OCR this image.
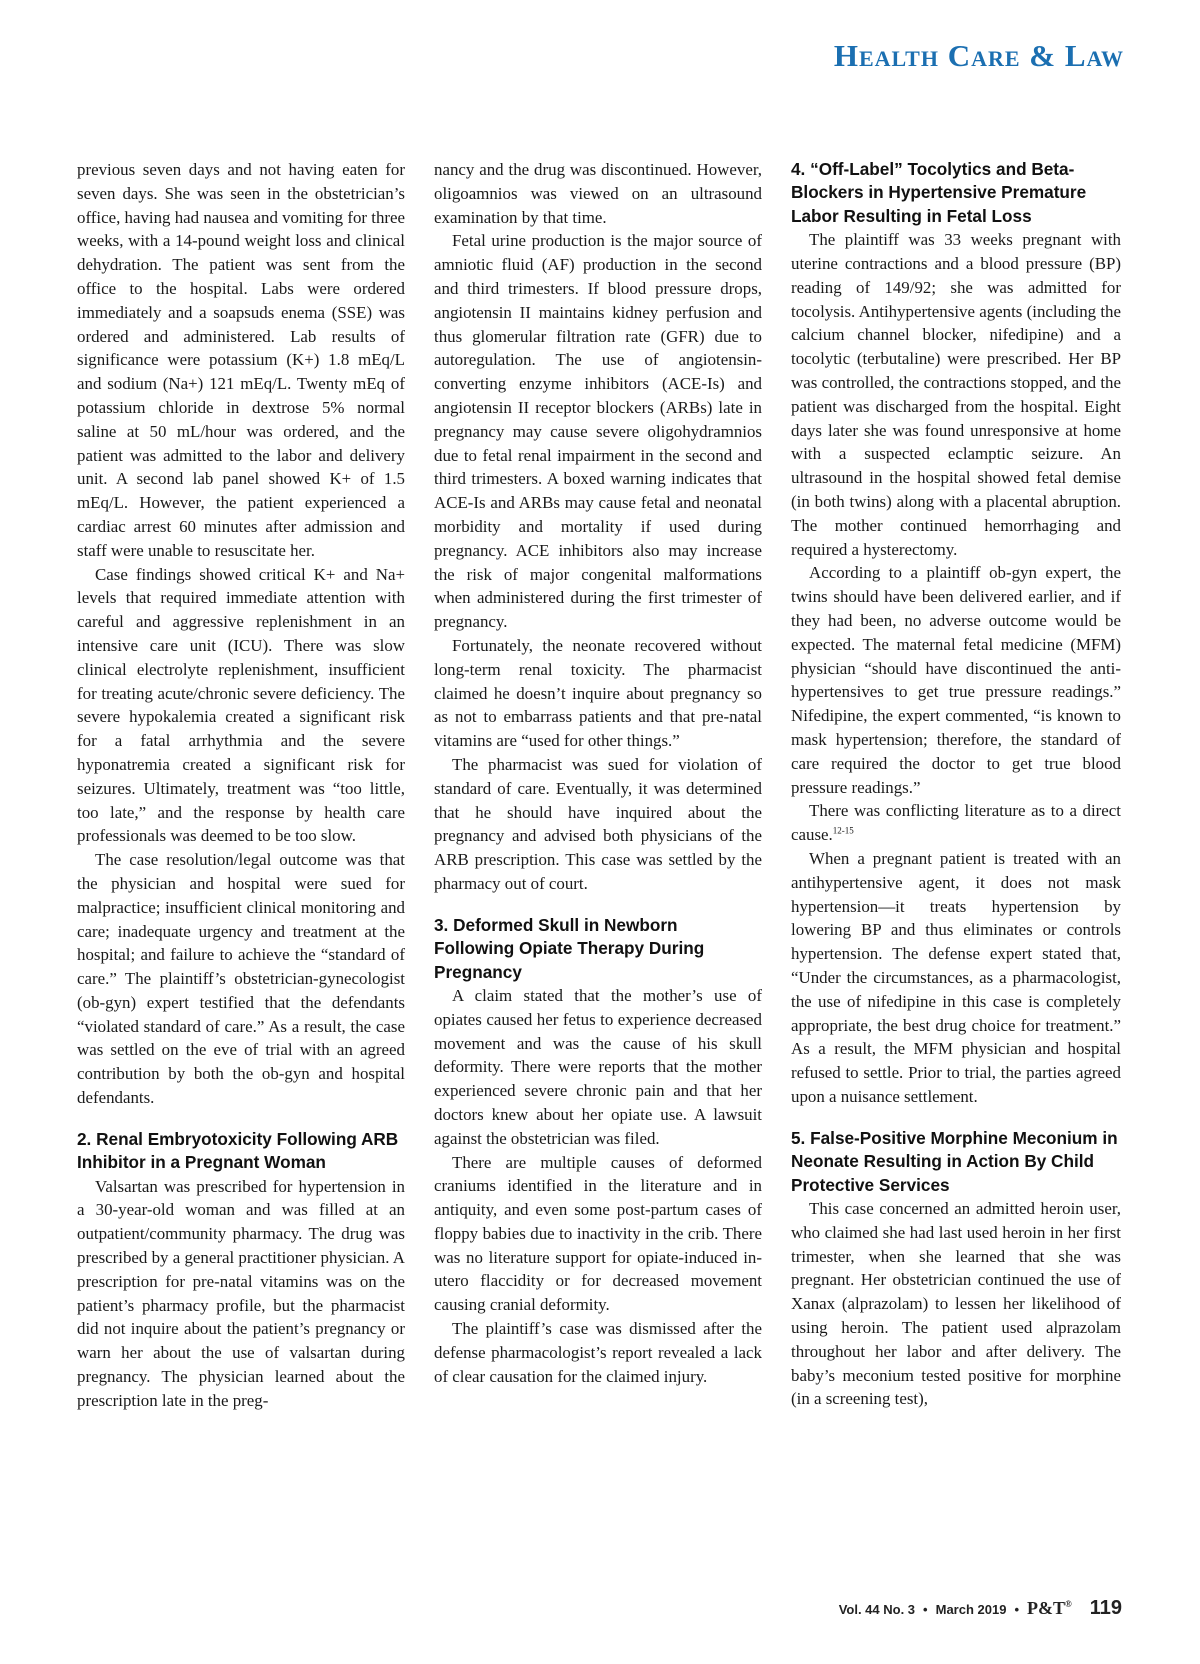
Health Care & Law

previous seven days and not having eaten for seven days. She was seen in the obstetrician’s office, having had nausea and vomiting for three weeks, with a 14-pound weight loss and clinical dehydration. The patient was sent from the office to the hospital. Labs were ordered immediately and a soapsuds enema (SSE) was ordered and administered. Lab results of significance were potassium (K+) 1.8 mEq/L and sodium (Na+) 121 mEq/L. Twenty mEq of potassium chloride in dextrose 5% normal saline at 50 mL/hour was ordered, and the patient was admitted to the labor and delivery unit. A second lab panel showed K+ of 1.5 mEq/L. However, the patient experienced a cardiac arrest 60 minutes after admission and staff were unable to resuscitate her.

Case findings showed critical K+ and Na+ levels that required immediate attention with careful and aggressive replenishment in an intensive care unit (ICU). There was slow clinical electrolyte replenishment, insufficient for treating acute/chronic severe deficiency. The severe hypokalemia created a significant risk for a fatal arrhythmia and the severe hyponatremia created a significant risk for seizures. Ultimately, treatment was “too little, too late,” and the response by health care professionals was deemed to be too slow.

The case resolution/legal outcome was that the physician and hospital were sued for malpractice; insufficient clinical monitoring and care; inadequate urgency and treatment at the hospital; and failure to achieve the “standard of care.” The plaintiff’s obstetrician-gynecologist (ob-gyn) expert testified that the defendants “violated standard of care.” As a result, the case was settled on the eve of trial with an agreed contribution by both the ob-gyn and hospital defendants.

2. Renal Embryotoxicity Following ARB Inhibitor in a Pregnant Woman

Valsartan was prescribed for hypertension in a 30-year-old woman and was filled at an outpatient/community pharmacy. The drug was prescribed by a general practitioner physician. A prescription for pre-natal vitamins was on the patient’s pharmacy profile, but the pharmacist did not inquire about the patient’s pregnancy or warn her about the use of valsartan during pregnancy. The physician learned about the prescription late in the preg-

nancy and the drug was discontinued. However, oligoamnios was viewed on an ultrasound examination by that time.

Fetal urine production is the major source of amniotic fluid (AF) production in the second and third trimesters. If blood pressure drops, angiotensin II maintains kidney perfusion and thus glomerular filtration rate (GFR) due to autoregulation. The use of angiotensin-converting enzyme inhibitors (ACE-Is) and angiotensin II receptor blockers (ARBs) late in pregnancy may cause severe oligohydramnios due to fetal renal impairment in the second and third trimesters. A boxed warning indicates that ACE-Is and ARBs may cause fetal and neonatal morbidity and mortality if used during pregnancy. ACE inhibitors also may increase the risk of major congenital malformations when administered during the first trimester of pregnancy.

Fortunately, the neonate recovered without long-term renal toxicity. The pharmacist claimed he doesn’t inquire about pregnancy so as not to embarrass patients and that pre-natal vitamins are “used for other things.”

The pharmacist was sued for violation of standard of care. Eventually, it was determined that he should have inquired about the pregnancy and advised both physicians of the ARB prescription. This case was settled by the pharmacy out of court.

3. Deformed Skull in Newborn Following Opiate Therapy During Pregnancy

A claim stated that the mother’s use of opiates caused her fetus to experience decreased movement and was the cause of his skull deformity. There were reports that the mother experienced severe chronic pain and that her doctors knew about her opiate use. A lawsuit against the obstetrician was filed.

There are multiple causes of deformed craniums identified in the literature and in antiquity, and even some post-partum cases of floppy babies due to inactivity in the crib. There was no literature support for opiate-induced in-utero flaccidity or for decreased movement causing cranial deformity.

The plaintiff’s case was dismissed after the defense pharmacologist’s report revealed a lack of clear causation for the claimed injury.

4. “Off-Label” Tocolytics and Beta-Blockers in Hypertensive Premature Labor Resulting in Fetal Loss

The plaintiff was 33 weeks pregnant with uterine contractions and a blood pressure (BP) reading of 149/92; she was admitted for tocolysis. Antihypertensive agents (including the calcium channel blocker, nifedipine) and a tocolytic (terbutaline) were prescribed. Her BP was controlled, the contractions stopped, and the patient was discharged from the hospital. Eight days later she was found unresponsive at home with a suspected eclamptic seizure. An ultrasound in the hospital showed fetal demise (in both twins) along with a placental abruption. The mother continued hemorrhaging and required a hysterectomy.

According to a plaintiff ob-gyn expert, the twins should have been delivered earlier, and if they had been, no adverse outcome would be expected. The maternal fetal medicine (MFM) physician “should have discontinued the anti-hypertensives to get true pressure readings.” Nifedipine, the expert commented, “is known to mask hypertension; therefore, the standard of care required the doctor to get true blood pressure readings.”

There was conflicting literature as to a direct cause.$^{12-15}$

When a pregnant patient is treated with an antihypertensive agent, it does not mask hypertension—it treats hypertension by lowering BP and thus eliminates or controls hypertension. The defense expert stated that, “Under the circumstances, as a pharmacologist, the use of nifedipine in this case is completely appropriate, the best drug choice for treatment.” As a result, the MFM physician and hospital refused to settle. Prior to trial, the parties agreed upon a nuisance settlement.

5. False-Positive Morphine Meconium in Neonate Resulting in Action By Child Protective Services

This case concerned an admitted heroin user, who claimed she had last used heroin in her first trimester, when she learned that she was pregnant. Her obstetrician continued the use of Xanax (alprazolam) to lessen her likelihood of using heroin. The patient used alprazolam throughout her labor and after delivery. The baby’s meconium tested positive for morphine (in a screening test),

Vol. 44 No. 3 • March 2019 • P&T® 119
